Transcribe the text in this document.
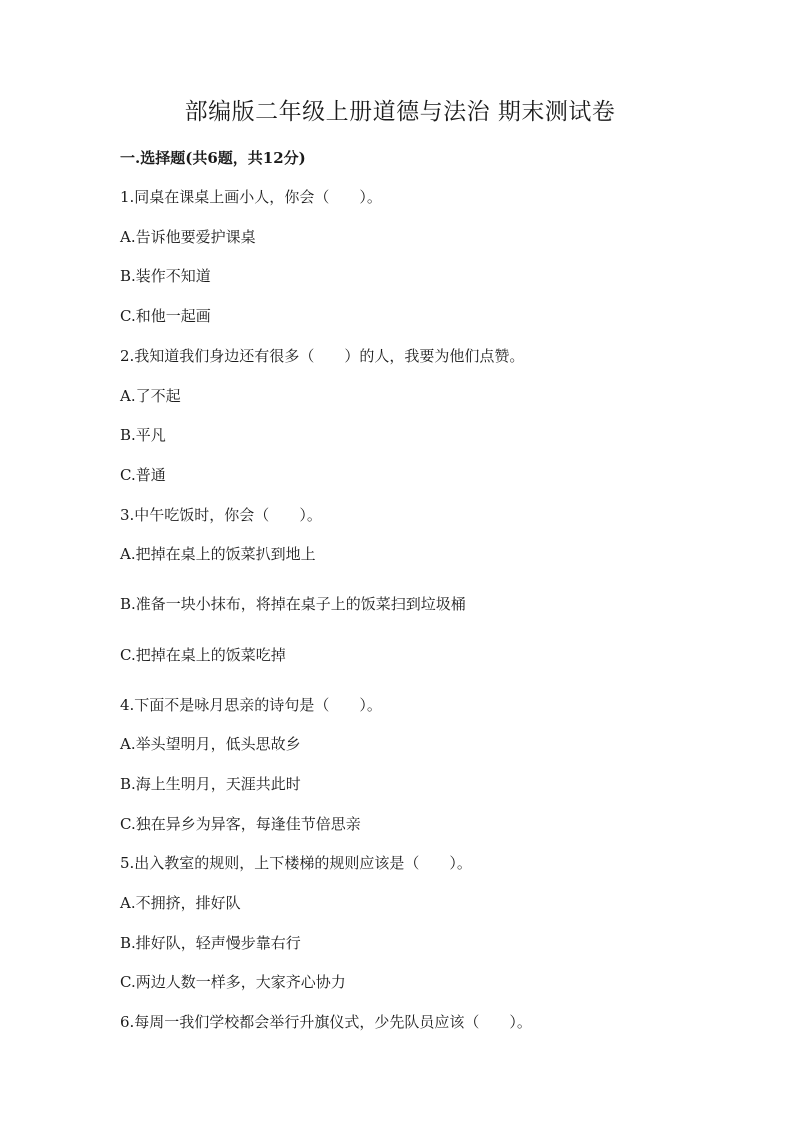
部编版二年级上册道德与法治 期末测试卷
一.选择题(共6题，共12分)
1.同桌在课桌上画小人，你会（　　）。
A.告诉他要爱护课桌
B.装作不知道
C.和他一起画
2.我知道我们身边还有很多（　　）的人，我要为他们点赞。
A.了不起
B.平凡
C.普通
3.中午吃饭时，你会（　　）。
A.把掉在桌上的饭菜扒到地上
B.准备一块小抹布，将掉在桌子上的饭菜扫到垃圾桶
C.把掉在桌上的饭菜吃掉
4.下面不是咏月思亲的诗句是（　　）。
A.举头望明月，低头思故乡
B.海上生明月，天涯共此时
C.独在异乡为异客，每逢佳节倍思亲
5.出入教室的规则，上下楼梯的规则应该是（　　）。
A.不拥挤，排好队
B.排好队，轻声慢步靠右行
C.两边人数一样多，大家齐心协力
6.每周一我们学校都会举行升旗仪式，少先队员应该（　　）。
